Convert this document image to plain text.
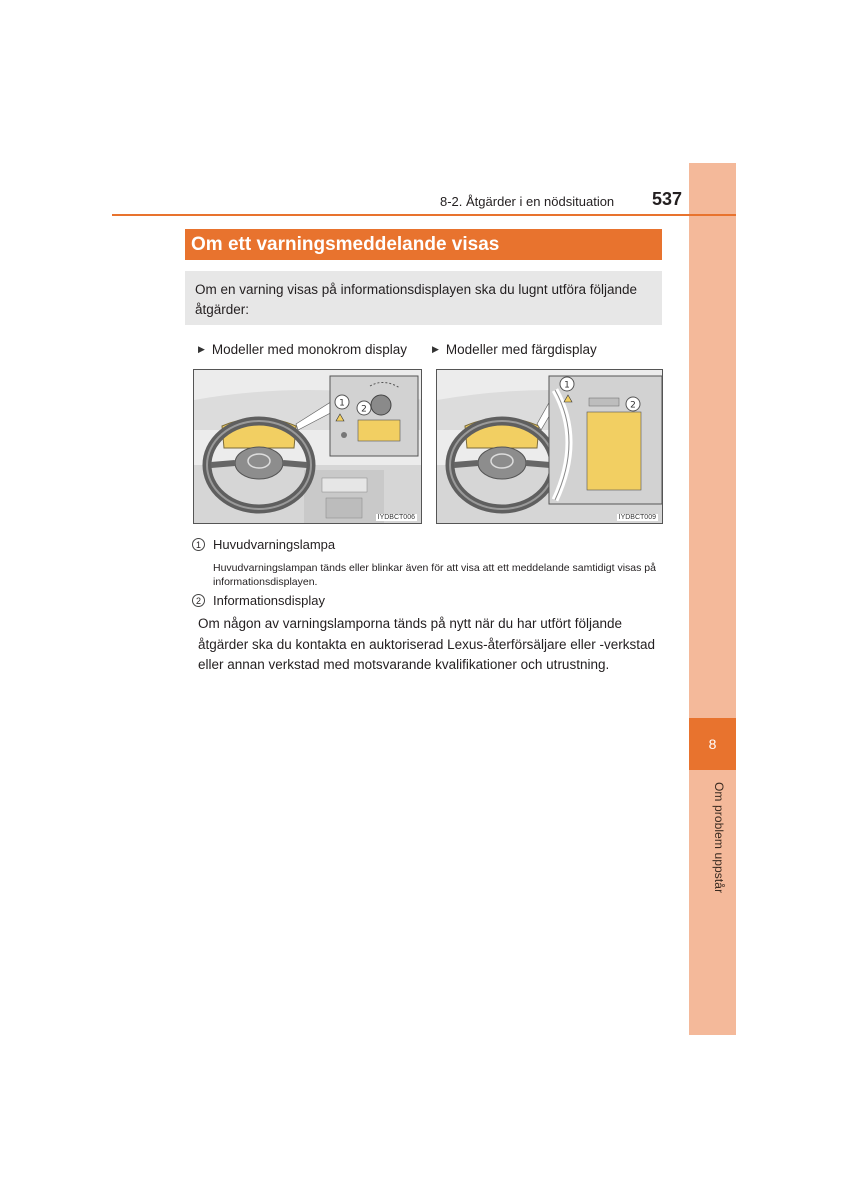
8
Om problem uppstår
8-2. Åtgärder i en nödsituation 537
Om ett varningsmeddelande visas
Om en varning visas på informationsdisplayen ska du lugnt utföra följande åtgärder:
▶ Modeller med monokrom display	▶ Modeller med färgdisplay
1
2
IYDBCT006
1
2
IYDBCT009
1 Huvudvarningslampa
Huvudvarningslampan tänds eller blinkar även för att visa att ett meddelande samtidigt visas på informationsdisplayen.
2 Informationsdisplay
Om någon av varningslamporna tänds på nytt när du har utfört följande åtgärder ska du kontakta en auktoriserad Lexus-återförsäljare eller -verkstad eller annan verkstad med motsvarande kvalifikationer och utrustning.
